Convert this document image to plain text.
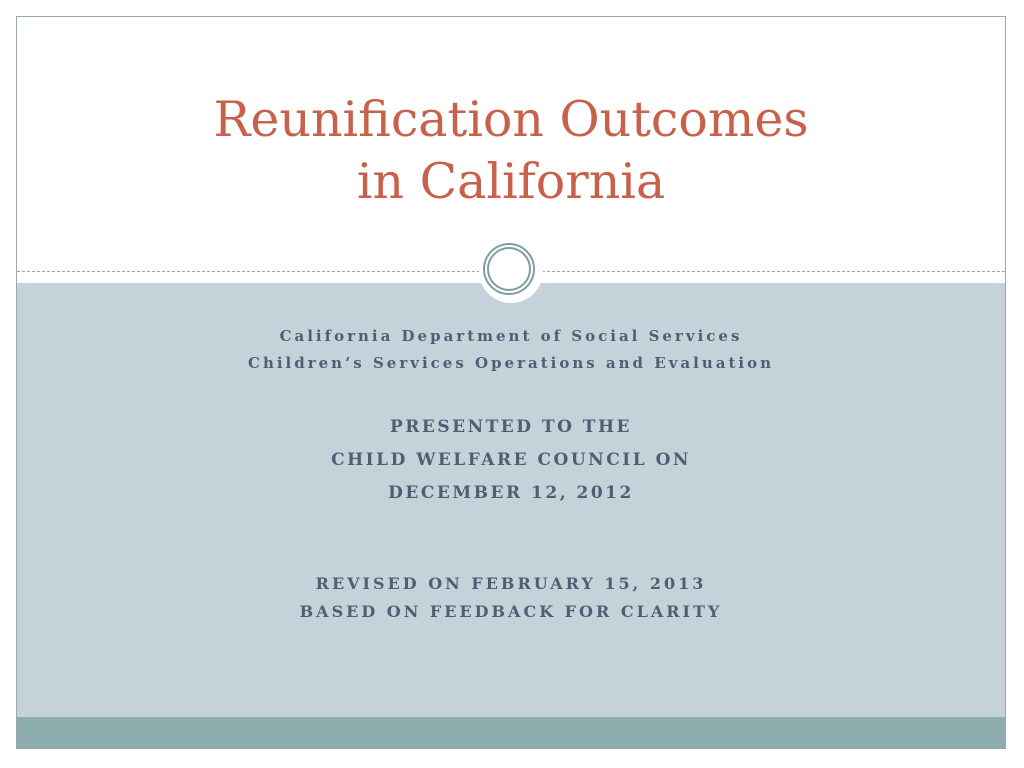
Reunification Outcomes
in California
California Department of Social Services
Children’s Services Operations and Evaluation
PRESENTED TO THE
CHILD WELFARE COUNCIL ON
DECEMBER 12, 2012
REVISED ON FEBRUARY 15, 2013
BASED ON FEEDBACK FOR CLARITY
